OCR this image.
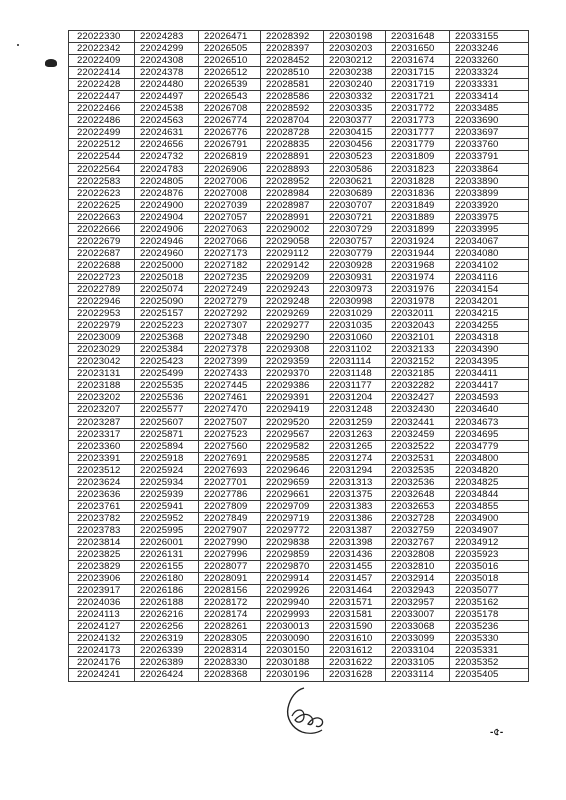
22022330	22024283	22026471	22028392	22030198	22031648	22033155
22022342	22024299	22026505	22028397	22030203	22031650	22033246
22022409	22024308	22026510	22028452	22030212	22031674	22033260
22022414	22024378	22026512	22028510	22030238	22031715	22033324
22022428	22024480	22026539	22028581	22030240	22031719	22033331
22022447	22024497	22026543	22028586	22030332	22031721	22033414
22022466	22024538	22026708	22028592	22030335	22031772	22033485
22022486	22024563	22026774	22028704	22030377	22031773	22033690
22022499	22024631	22026776	22028728	22030415	22031777	22033697
22022512	22024656	22026791	22028835	22030456	22031779	22033760
22022544	22024732	22026819	22028891	22030523	22031809	22033791
22022564	22024783	22026906	22028893	22030586	22031823	22033864
22022583	22024805	22027006	22028952	22030621	22031828	22033890
22022623	22024876	22027008	22028984	22030689	22031836	22033899
22022625	22024900	22027039	22028987	22030707	22031849	22033920
22022663	22024904	22027057	22028991	22030721	22031889	22033975
22022666	22024906	22027063	22029002	22030729	22031899	22033995
22022679	22024946	22027066	22029058	22030757	22031924	22034067
22022687	22024960	22027173	22029112	22030779	22031944	22034080
22022688	22025000	22027182	22029142	22030928	22031968	22034102
22022723	22025018	22027235	22029209	22030931	22031974	22034116
22022789	22025074	22027249	22029243	22030973	22031976	22034154
22022946	22025090	22027279	22029248	22030998	22031978	22034201
22022953	22025157	22027292	22029269	22031029	22032011	22034215
22022979	22025223	22027307	22029277	22031035	22032043	22034255
22023009	22025368	22027348	22029290	22031060	22032101	22034318
22023029	22025384	22027378	22029308	22031102	22032133	22034390
22023042	22025423	22027399	22029359	22031114	22032152	22034395
22023131	22025499	22027433	22029370	22031148	22032185	22034411
22023188	22025535	22027445	22029386	22031177	22032282	22034417
22023202	22025536	22027461	22029391	22031204	22032427	22034593
22023207	22025577	22027470	22029419	22031248	22032430	22034640
22023287	22025607	22027507	22029520	22031259	22032441	22034673
22023317	22025871	22027523	22029567	22031263	22032459	22034695
22023360	22025894	22027560	22029582	22031265	22032522	22034779
22023391	22025918	22027691	22029585	22031274	22032531	22034800
22023512	22025924	22027693	22029646	22031294	22032535	22034820
22023624	22025934	22027701	22029659	22031313	22032536	22034825
22023636	22025939	22027786	22029661	22031375	22032648	22034844
22023761	22025941	22027809	22029709	22031383	22032653	22034855
22023782	22025952	22027849	22029719	22031386	22032728	22034900
22023783	22025995	22027907	22029772	22031387	22032759	22034907
22023814	22026001	22027990	22029838	22031398	22032767	22034912
22023825	22026131	22027996	22029859	22031436	22032808	22035923
22023829	22026155	22028077	22029870	22031455	22032810	22035016
22023906	22026180	22028091	22029914	22031457	22032914	22035018
22023917	22026186	22028156	22029926	22031464	22032943	22035077
22024036	22026188	22028172	22029940	22031571	22032957	22035162
22024113	22026216	22028174	22029993	22031581	22033007	22035178
22024127	22026256	22028261	22030013	22031590	22033068	22035236
22024132	22026319	22028305	22030090	22031610	22033099	22035330
22024173	22026339	22028314	22030150	22031612	22033104	22035331
22024176	22026389	22028330	22030188	22031622	22033105	22035352
22024241	22026424	22028368	22030196	22031628	22033114	22035405
-৫-
